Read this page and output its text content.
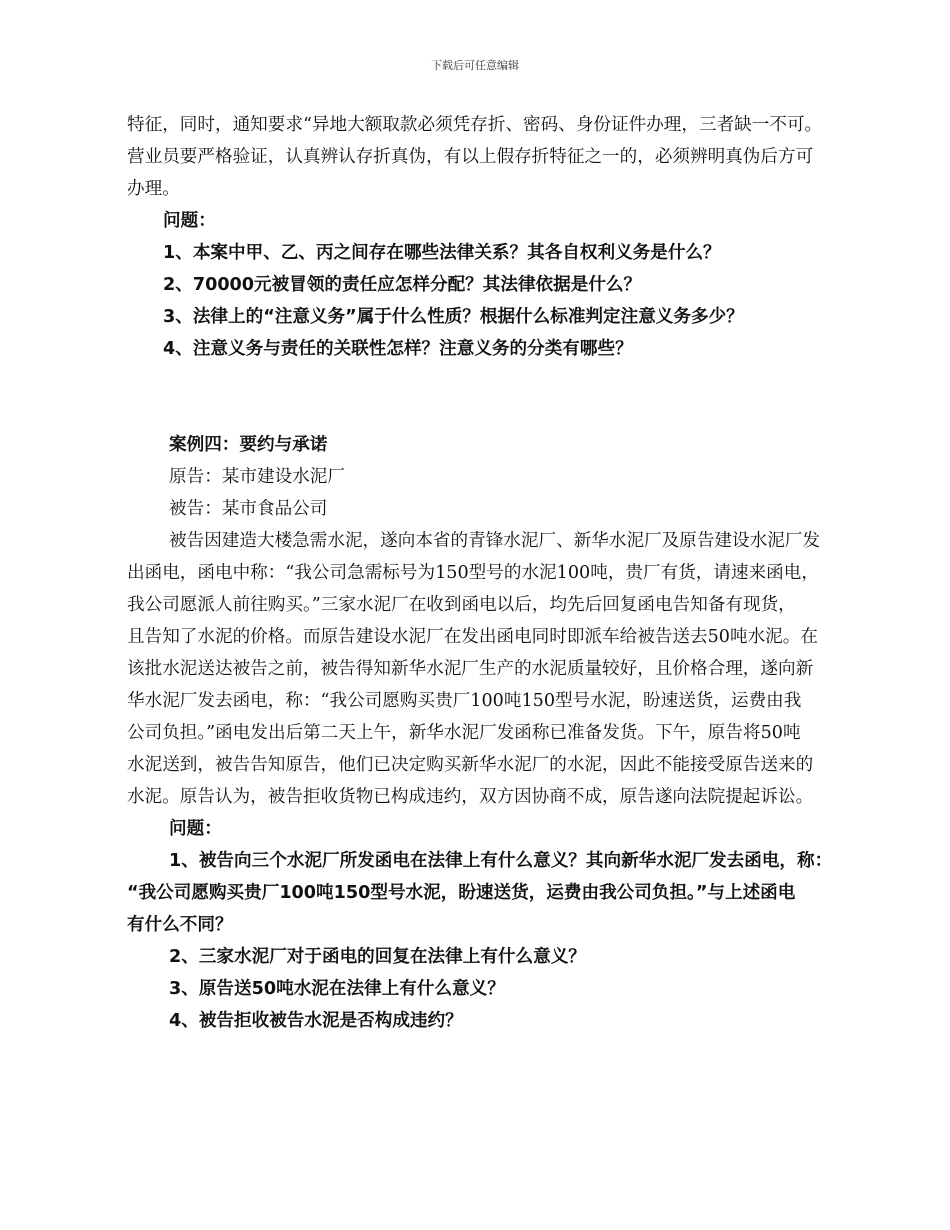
下载后可任意编辑

特征，同时，通知要求“异地大额取款必须凭存折、密码、身份证件办理，三者缺一不可。

营业员要严格验证，认真辨认存折真伪，有以上假存折特征之一的，必须辨明真伪后方可

办理。

问题：

1、本案中甲、乙、丙之间存在哪些法律关系？其各自权利义务是什么？

2、70000元被冒领的责任应怎样分配？其法律依据是什么？

3、法律上的“注意义务”属于什么性质？根据什么标准判定注意义务多少？

4、注意义务与责任的关联性怎样？注意义务的分类有哪些？

案例四：要约与承诺

原告：某市建设水泥厂

被告：某市食品公司

被告因建造大楼急需水泥，遂向本省的青锋水泥厂、新华水泥厂及原告建设水泥厂发

出函电，函电中称：“我公司急需标号为150型号的水泥100吨，贵厂有货，请速来函电，

我公司愿派人前往购买。”三家水泥厂在收到函电以后，均先后回复函电告知备有现货，

且告知了水泥的价格。而原告建设水泥厂在发出函电同时即派车给被告送去50吨水泥。在

该批水泥送达被告之前，被告得知新华水泥厂生产的水泥质量较好，且价格合理，遂向新

华水泥厂发去函电，称：“我公司愿购买贵厂100吨150型号水泥，盼速送货，运费由我

公司负担。”函电发出后第二天上午，新华水泥厂发函称已准备发货。下午，原告将50吨

水泥送到，被告告知原告，他们已决定购买新华水泥厂的水泥，因此不能接受原告送来的

水泥。原告认为，被告拒收货物已构成违约，双方因协商不成，原告遂向法院提起诉讼。

问题：

1、被告向三个水泥厂所发函电在法律上有什么意义？其向新华水泥厂发去函电，称：

“我公司愿购买贵厂100吨150型号水泥，盼速送货，运费由我公司负担。”与上述函电

有什么不同？

2、三家水泥厂对于函电的回复在法律上有什么意义？

3、原告送50吨水泥在法律上有什么意义？

4、被告拒收被告水泥是否构成违约？
